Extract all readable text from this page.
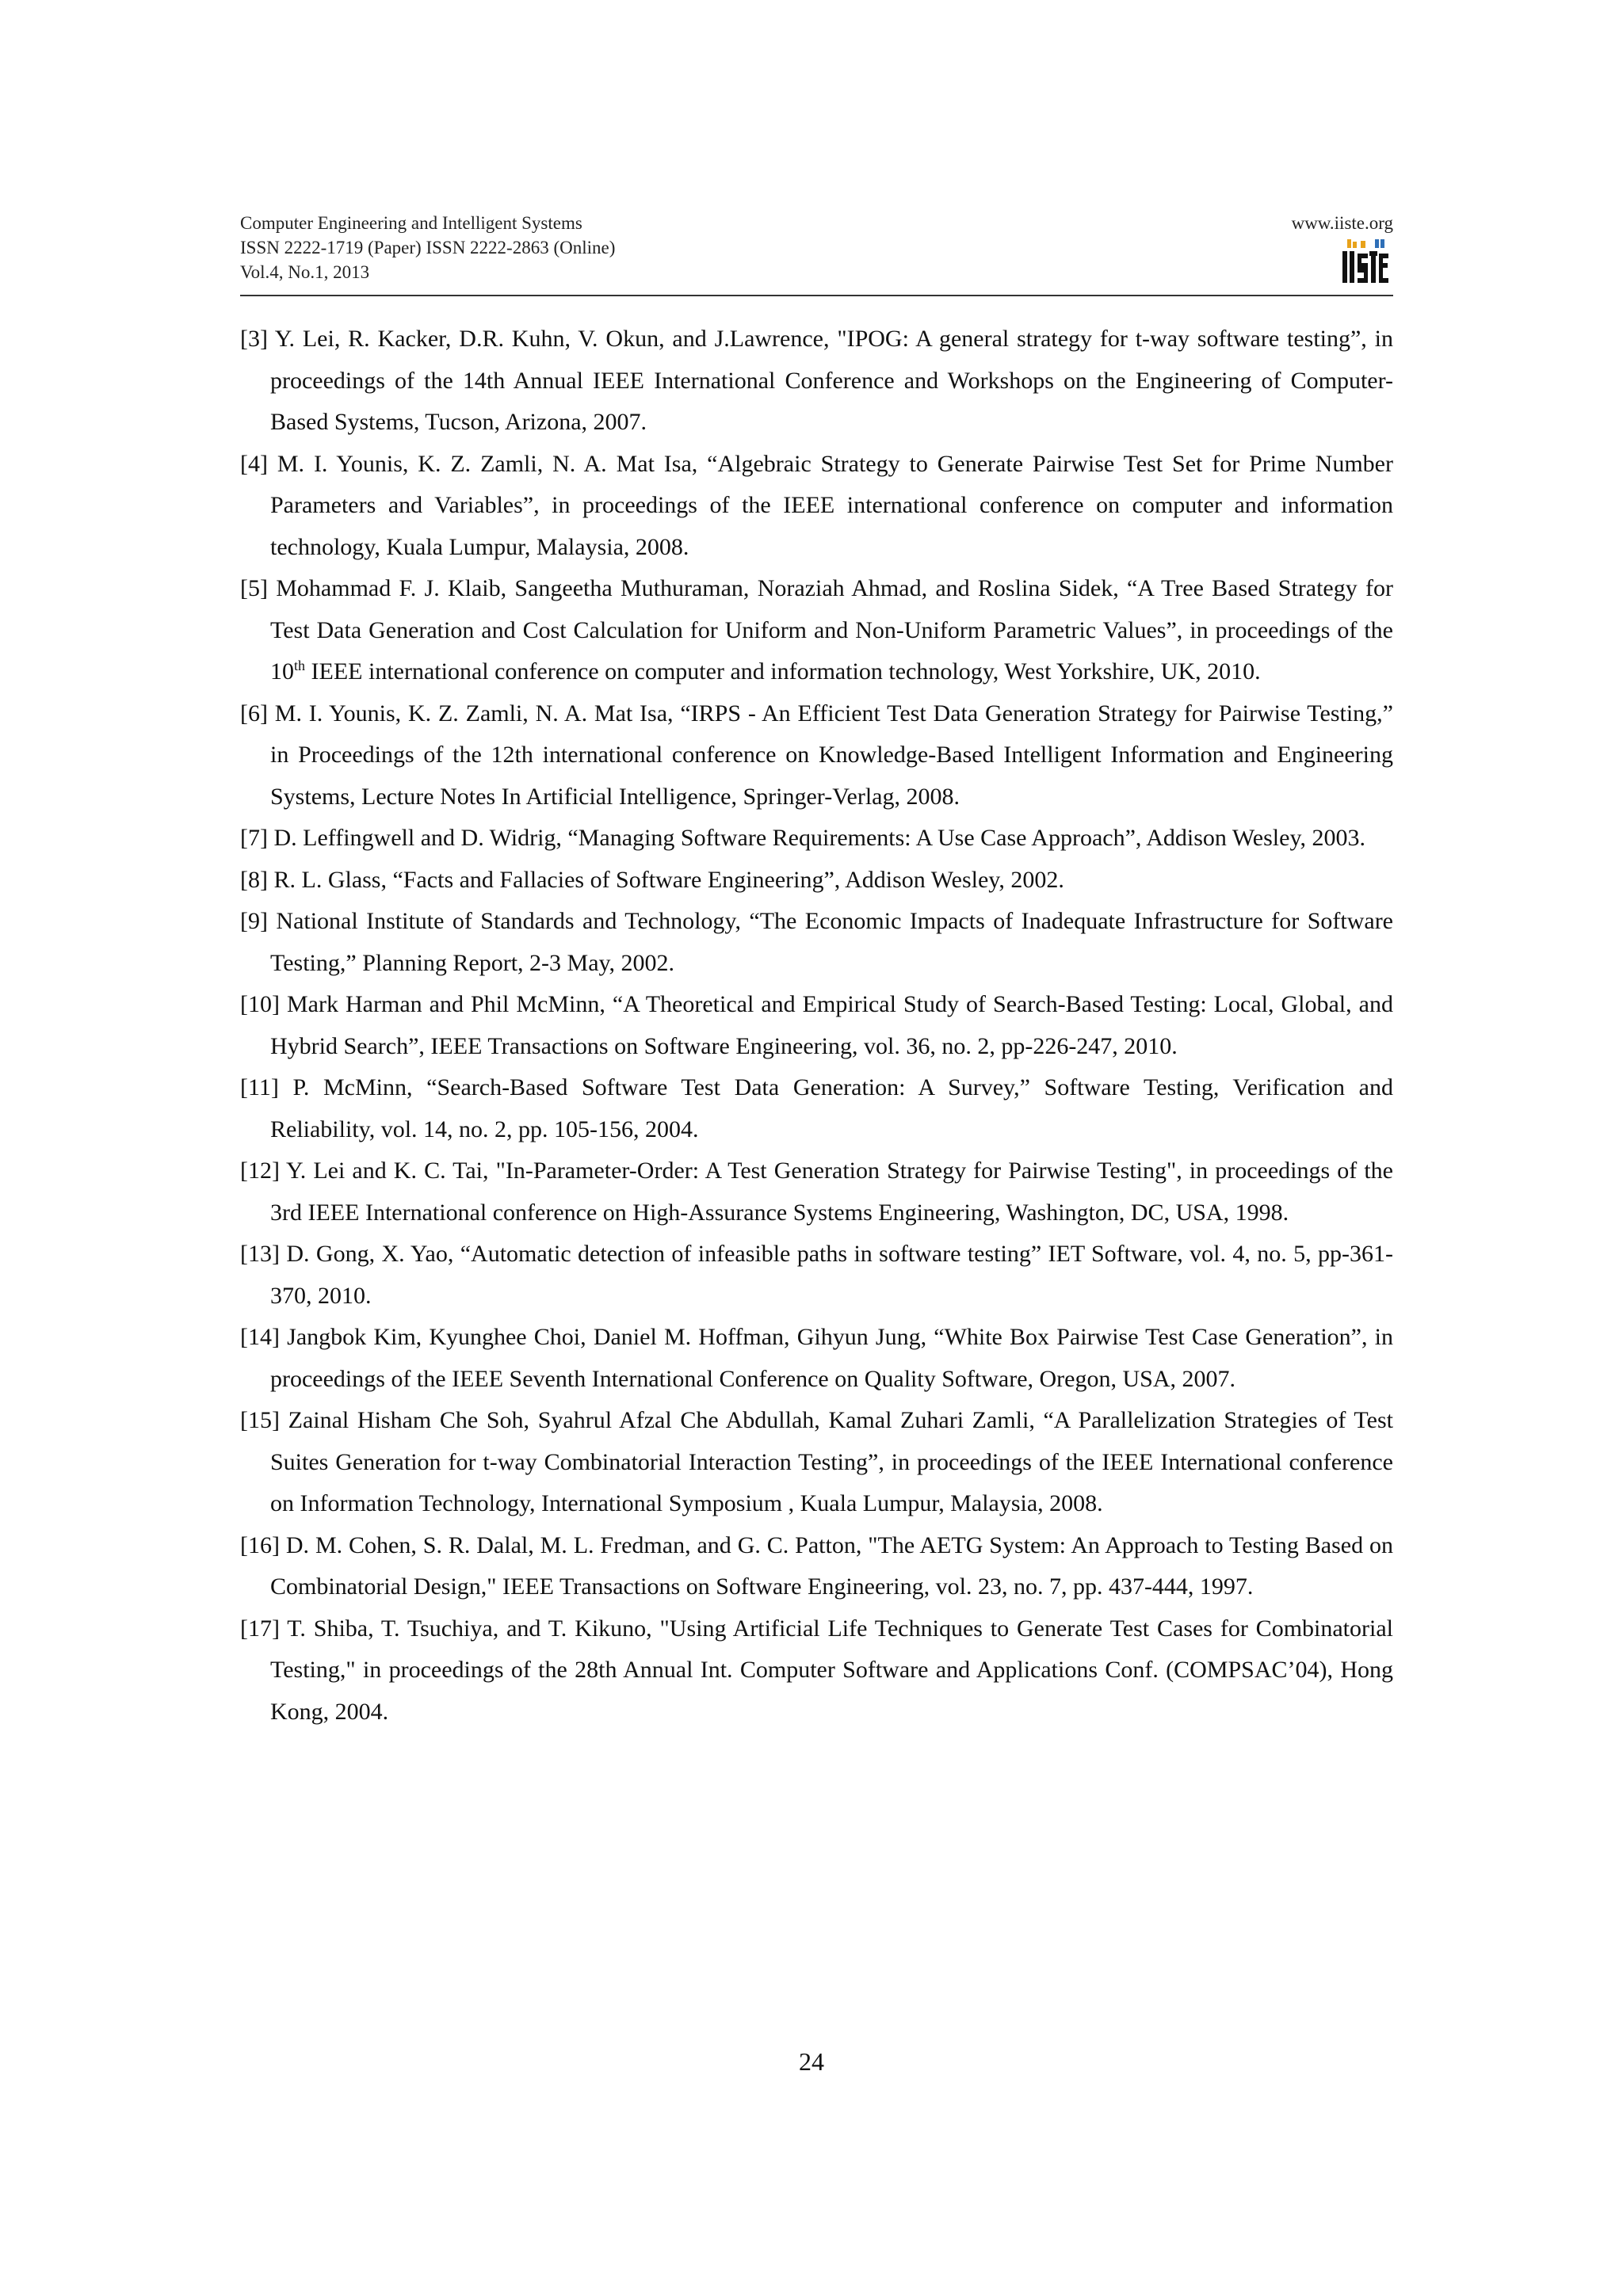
Computer Engineering and Intelligent Systems
ISSN 2222-1719 (Paper) ISSN 2222-2863 (Online)
Vol.4, No.1, 2013
www.iiste.org
[3] Y. Lei, R. Kacker, D.R. Kuhn, V. Okun, and J.Lawrence, "IPOG: A general strategy for t-way software testing”, in proceedings of the 14th Annual IEEE International Conference and Workshops on the Engineering of Computer-Based Systems, Tucson, Arizona, 2007.
[4] M. I. Younis, K. Z. Zamli, N. A. Mat Isa, “Algebraic Strategy to Generate Pairwise Test Set for Prime Number Parameters and Variables”, in proceedings of the IEEE international conference on computer and information technology, Kuala Lumpur, Malaysia, 2008.
[5] Mohammad F. J. Klaib, Sangeetha Muthuraman, Noraziah Ahmad, and Roslina Sidek, “A Tree Based Strategy for Test Data Generation and Cost Calculation for Uniform and Non-Uniform Parametric Values”, in proceedings of the 10th IEEE international conference on computer and information technology, West Yorkshire, UK, 2010.
[6] M. I. Younis, K. Z. Zamli, N. A. Mat Isa, “IRPS - An Efficient Test Data Generation Strategy for Pairwise Testing,” in Proceedings of the 12th international conference on Knowledge-Based Intelligent Information and Engineering Systems, Lecture Notes In Artificial Intelligence, Springer-Verlag, 2008.
[7] D. Leffingwell and D. Widrig, “Managing Software Requirements: A Use Case Approach”, Addison Wesley, 2003.
[8] R. L. Glass, “Facts and Fallacies of Software Engineering”, Addison Wesley, 2002.
[9] National Institute of Standards and Technology, “The Economic Impacts of Inadequate Infrastructure for Software Testing,” Planning Report, 2-3 May, 2002.
[10] Mark Harman and Phil McMinn, “A Theoretical and Empirical Study of Search-Based Testing: Local, Global, and Hybrid Search”, IEEE Transactions on Software Engineering, vol. 36, no. 2, pp-226-247, 2010.
[11] P. McMinn, “Search-Based Software Test Data Generation: A Survey,” Software Testing, Verification and Reliability, vol. 14, no. 2, pp. 105-156, 2004.
[12] Y. Lei and K. C. Tai, "In-Parameter-Order: A Test Generation Strategy for Pairwise Testing", in proceedings of the 3rd IEEE International conference on High-Assurance Systems Engineering, Washington, DC, USA, 1998.
[13] D. Gong, X. Yao, “Automatic detection of infeasible paths in software testing” IET Software, vol. 4, no. 5, pp-361-370, 2010.
[14] Jangbok Kim, Kyunghee Choi, Daniel M. Hoffman, Gihyun Jung, “White Box Pairwise Test Case Generation”, in proceedings of the IEEE Seventh International Conference on Quality Software, Oregon, USA, 2007.
[15] Zainal Hisham Che Soh, Syahrul Afzal Che Abdullah, Kamal Zuhari Zamli, “A Parallelization Strategies of Test Suites Generation for t-way Combinatorial Interaction Testing”, in proceedings of the IEEE International conference on Information Technology, International Symposium , Kuala Lumpur, Malaysia, 2008.
[16] D. M. Cohen, S. R. Dalal, M. L. Fredman, and G. C. Patton, "The AETG System: An Approach to Testing Based on Combinatorial Design," IEEE Transactions on Software Engineering, vol. 23, no. 7, pp. 437-444, 1997.
[17] T. Shiba, T. Tsuchiya, and T. Kikuno, "Using Artificial Life Techniques to Generate Test Cases for Combinatorial Testing," in proceedings of the 28th Annual Int. Computer Software and Applications Conf. (COMPSAC’04), Hong Kong, 2004.
24
